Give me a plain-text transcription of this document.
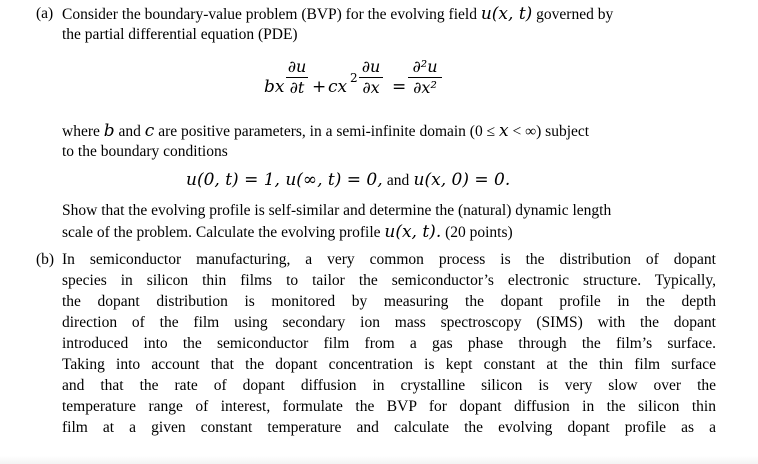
(a) Consider the boundary-value problem (BVP) for the evolving field u(x, t) governed by
the partial differential equation (PDE)
bx
∂u
∂t + cx 2
∂u
∂x =
∂²u
∂x²
where b and c are positive parameters, in a semi-infinite domain (0 ≤ x < ∞) subject
to the boundary conditions
u(0, t) = 1, u(∞, t) = 0, and u(x, 0) = 0.
Show that the evolving profile is self-similar and determine the (natural) dynamic length
scale of the problem. Calculate the evolving profile u(x, t). (20 points)
(b) In semiconductor manufacturing, a very common process is the distribution of dopant
species in silicon thin films to tailor the semiconductor’s electronic structure. Typically,
the dopant distribution is monitored by measuring the dopant profile in the depth
direction of the film using secondary ion mass spectroscopy (SIMS) with the dopant
introduced into the semiconductor film from a gas phase through the film’s surface.
Taking into account that the dopant concentration is kept constant at the thin film surface
and that the rate of dopant diffusion in crystalline silicon is very slow over the
temperature range of interest, formulate the BVP for dopant diffusion in the silicon thin
film at a given constant temperature and calculate the evolving dopant profile as a
